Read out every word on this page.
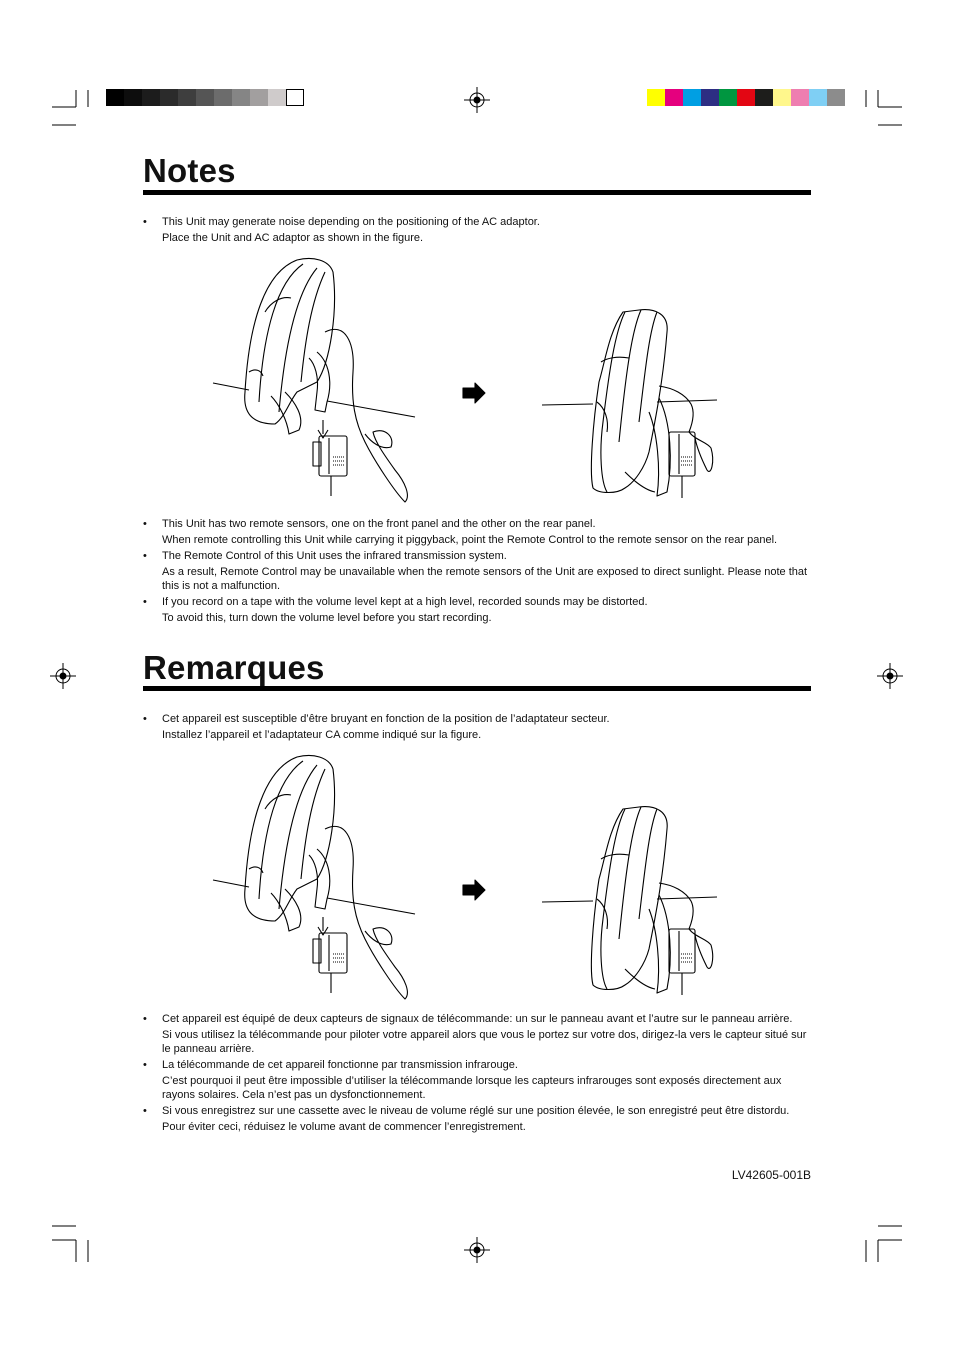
Notes
• This Unit may generate noise depending on the positioning of the AC adaptor.
Place the Unit and AC adaptor as shown in the figure.
• This Unit has two remote sensors, one on the front panel and the other on the rear panel.
When remote controlling this Unit while carrying it piggyback, point the Remote Control to the remote sensor on the rear panel.
• The Remote Control of this Unit uses the infrared transmission system.
As a result, Remote Control may be unavailable when the remote sensors of the Unit are exposed to direct sunlight. Please note that this is not a malfunction.
• If you record on a tape with the volume level kept at a high level, recorded sounds may be distorted.
To avoid this, turn down the volume level before you start recording.
Remarques
• Cet appareil est susceptible d’être bruyant en fonction de la position de l’adaptateur secteur.
Installez l’appareil et l’adaptateur CA comme indiqué sur la figure.
• Cet appareil est équipé de deux capteurs de signaux de télécommande: un sur le panneau avant et l’autre sur le panneau arrière.
Si vous utilisez la télécommande pour piloter votre appareil alors que vous le portez sur votre dos, dirigez-la vers le capteur situé sur le panneau arrière.
• La télécommande de cet appareil fonctionne par transmission infrarouge.
C’est pourquoi il peut être impossible d’utiliser la télécommande lorsque les capteurs infrarouges sont exposés directement aux rayons solaires. Cela n’est pas un dysfonctionnement.
• Si vous enregistrez sur une cassette avec le niveau de volume réglé sur une position élevée, le son enregistré peut être distordu.
Pour éviter ceci, réduisez le volume avant de commencer l’enregistrement.
LV42605-001B
